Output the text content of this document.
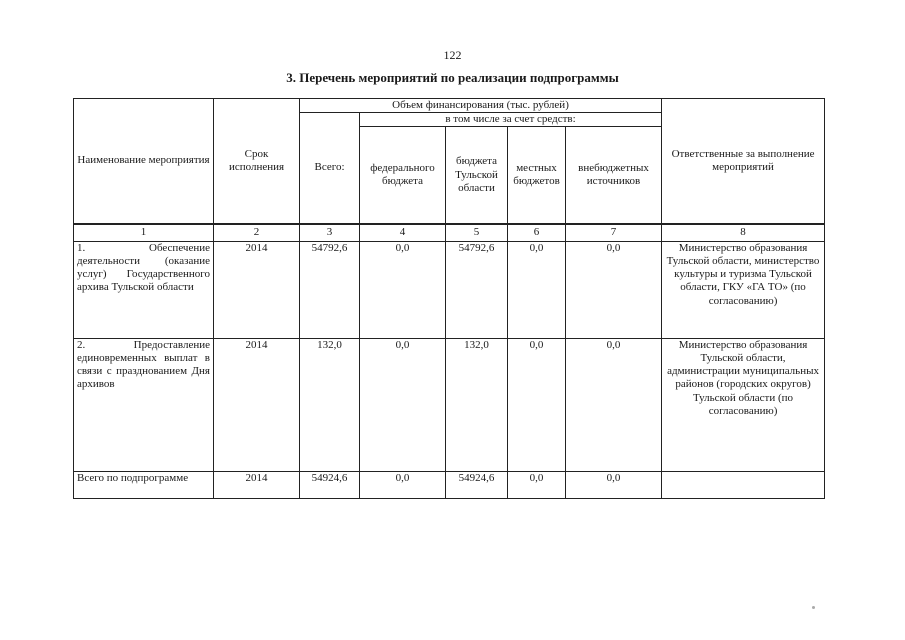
122
3. Перечень мероприятий по реализации подпрограммы
Наименование мероприятия	Срок исполнения	Объем финансирования (тыс. рублей)					Ответственные за выполнение мероприятий
		Всего:	в том числе за счет средств:				
			федерального бюджета	бюджета Тульской области	местных бюджетов	внебюджетных источников	
1	2	3	4	5	6	7	8
1. Обеспечение деятельности (оказание услуг) Государственного архива Тульской области	2014	54792,6	0,0	54792,6	0,0	0,0	Министерство образования Тульской области, министерство культуры и туризма Тульской области, ГКУ «ГА ТО» (по согласованию)
2. Предоставление единовременных выплат в связи с празднованием Дня архивов	2014	132,0	0,0	132,0	0,0	0,0	Министерство образования Тульской области, администрации муниципальных районов (городских округов) Тульской области (по согласованию)
Всего по подпрограмме	2014	54924,6	0,0	54924,6	0,0	0,0	
